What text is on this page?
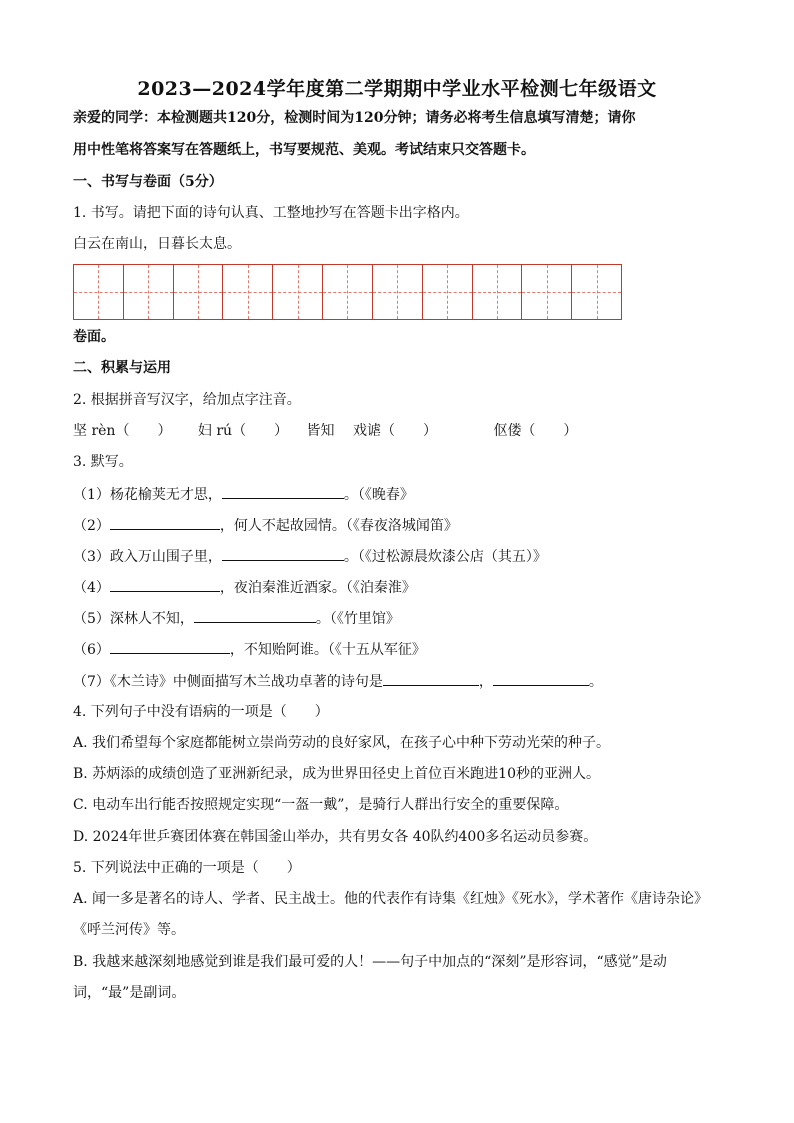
2023—2024学年度第二学期期中学业水平检测七年级语文
亲爱的同学：本检测题共120分，检测时间为120分钟；请务必将考生信息填写清楚；请你
用中性笔将答案写在答题纸上，书写要规范、美观。考试结束只交答题卡。
一、书写与卷面（5分）
1. 书写。请把下面的诗句认真、工整地抄写在答题卡出字格内。
白云在南山，日暮长太息。
卷面。
二、积累与运用
2. 根据拼音写汉字，给加点字注音。
坚 rèn（　　） 妇 rú（　　） 皆知 戏谑（　　）	伛偻（　　）
3. 默写。
（1）杨花榆荚无才思，	。（《晚春》
（2）	，何人不起故园情。（《春夜洛城闻笛》
（3）政入万山围子里，	。（《过松源晨炊漆公店（其五）》
（4）	，夜泊秦淮近酒家。（《泊秦淮》
（5）深林人不知，	。（《竹里馆》
（6）	，不知贻阿谁。（《十五从军征》
（7）《木兰诗》中侧面描写木兰战功卓著的诗句是	，	。
4. 下列句子中没有语病的一项是（　　）
A. 我们希望每个家庭都能树立崇尚劳动的良好家风，在孩子心中种下劳动光荣的种子。
B. 苏炳添的成绩创造了亚洲新纪录，成为世界田径史上首位百米跑进10秒的亚洲人。
C. 电动车出行能否按照规定实现“一盔一戴”，是骑行人群出行安全的重要保障。
D. 2024年世乒赛团体赛在韩国釜山举办，共有男女各 40队约400多名运动员参赛。
5. 下列说法中正确的一项是（　　）
A. 闻一多是著名的诗人、学者、民主战士。他的代表作有诗集《红烛》《死水》，学术著作《唐诗杂论》
《呼兰河传》等。
B. 我越来越深刻地感觉到谁是我们最可爱的人！——句子中加点的“深刻”是形容词，“感觉”是动
词，“最”是副词。
